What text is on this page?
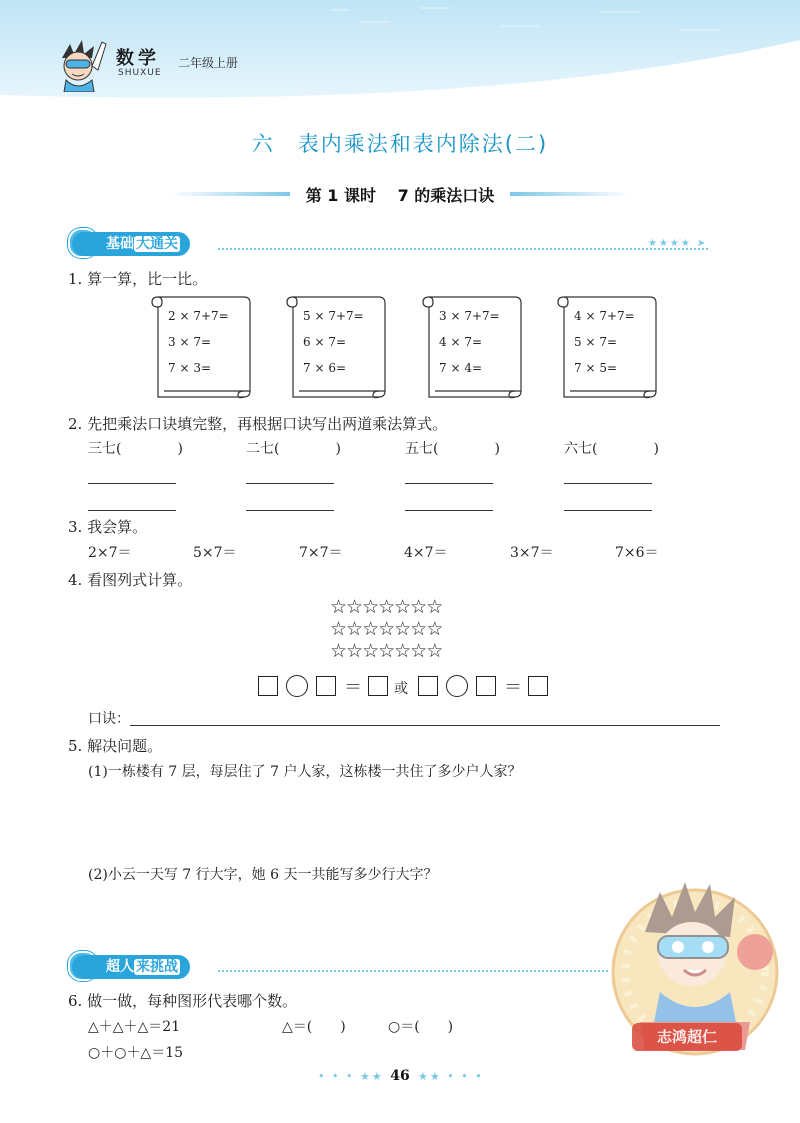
数学
SHUXUE
二年级上册
六　表内乘法和表内除法(二)
第 1 课时　 7 的乘法口诀
基础 大通关	★★★★ ➤
1. 算一算，比一比。
2 × 7+7=
3 × 7=
7 × 3=
5 × 7+7=
6 × 7=
7 × 6=
3 × 7+7=
4 × 7=
7 × 4=
4 × 7+7=
5 × 7=
7 × 5=
2. 先把乘法口诀填完整，再根据口诀写出两道乘法算式。
三七(　　　　)	二七(　　　　)	五七(　　　　)	六七(　　　　)
3. 我会算。
2×7＝	5×7＝	7×7＝	4×7＝	3×7＝	7×6＝
4. 看图列式计算。
☆☆☆☆☆☆☆
☆☆☆☆☆☆☆
☆☆☆☆☆☆☆
＝ 或	＝
口诀：
5. 解决问题。
(1)一栋楼有 7 层，每层住了 7 户人家，这栋楼一共住了多少户人家？
(2)小云一天写 7 行大字，她 6 天一共能写多少行大字？
超人 来挑战
6. 做一做，每种图形代表哪个数。
△＋△＋△＝21	△＝(　　)	○＝(　　)
○＋○＋△＝15
志鸿超仁
• • • ★★ 46 ★★ • • •
